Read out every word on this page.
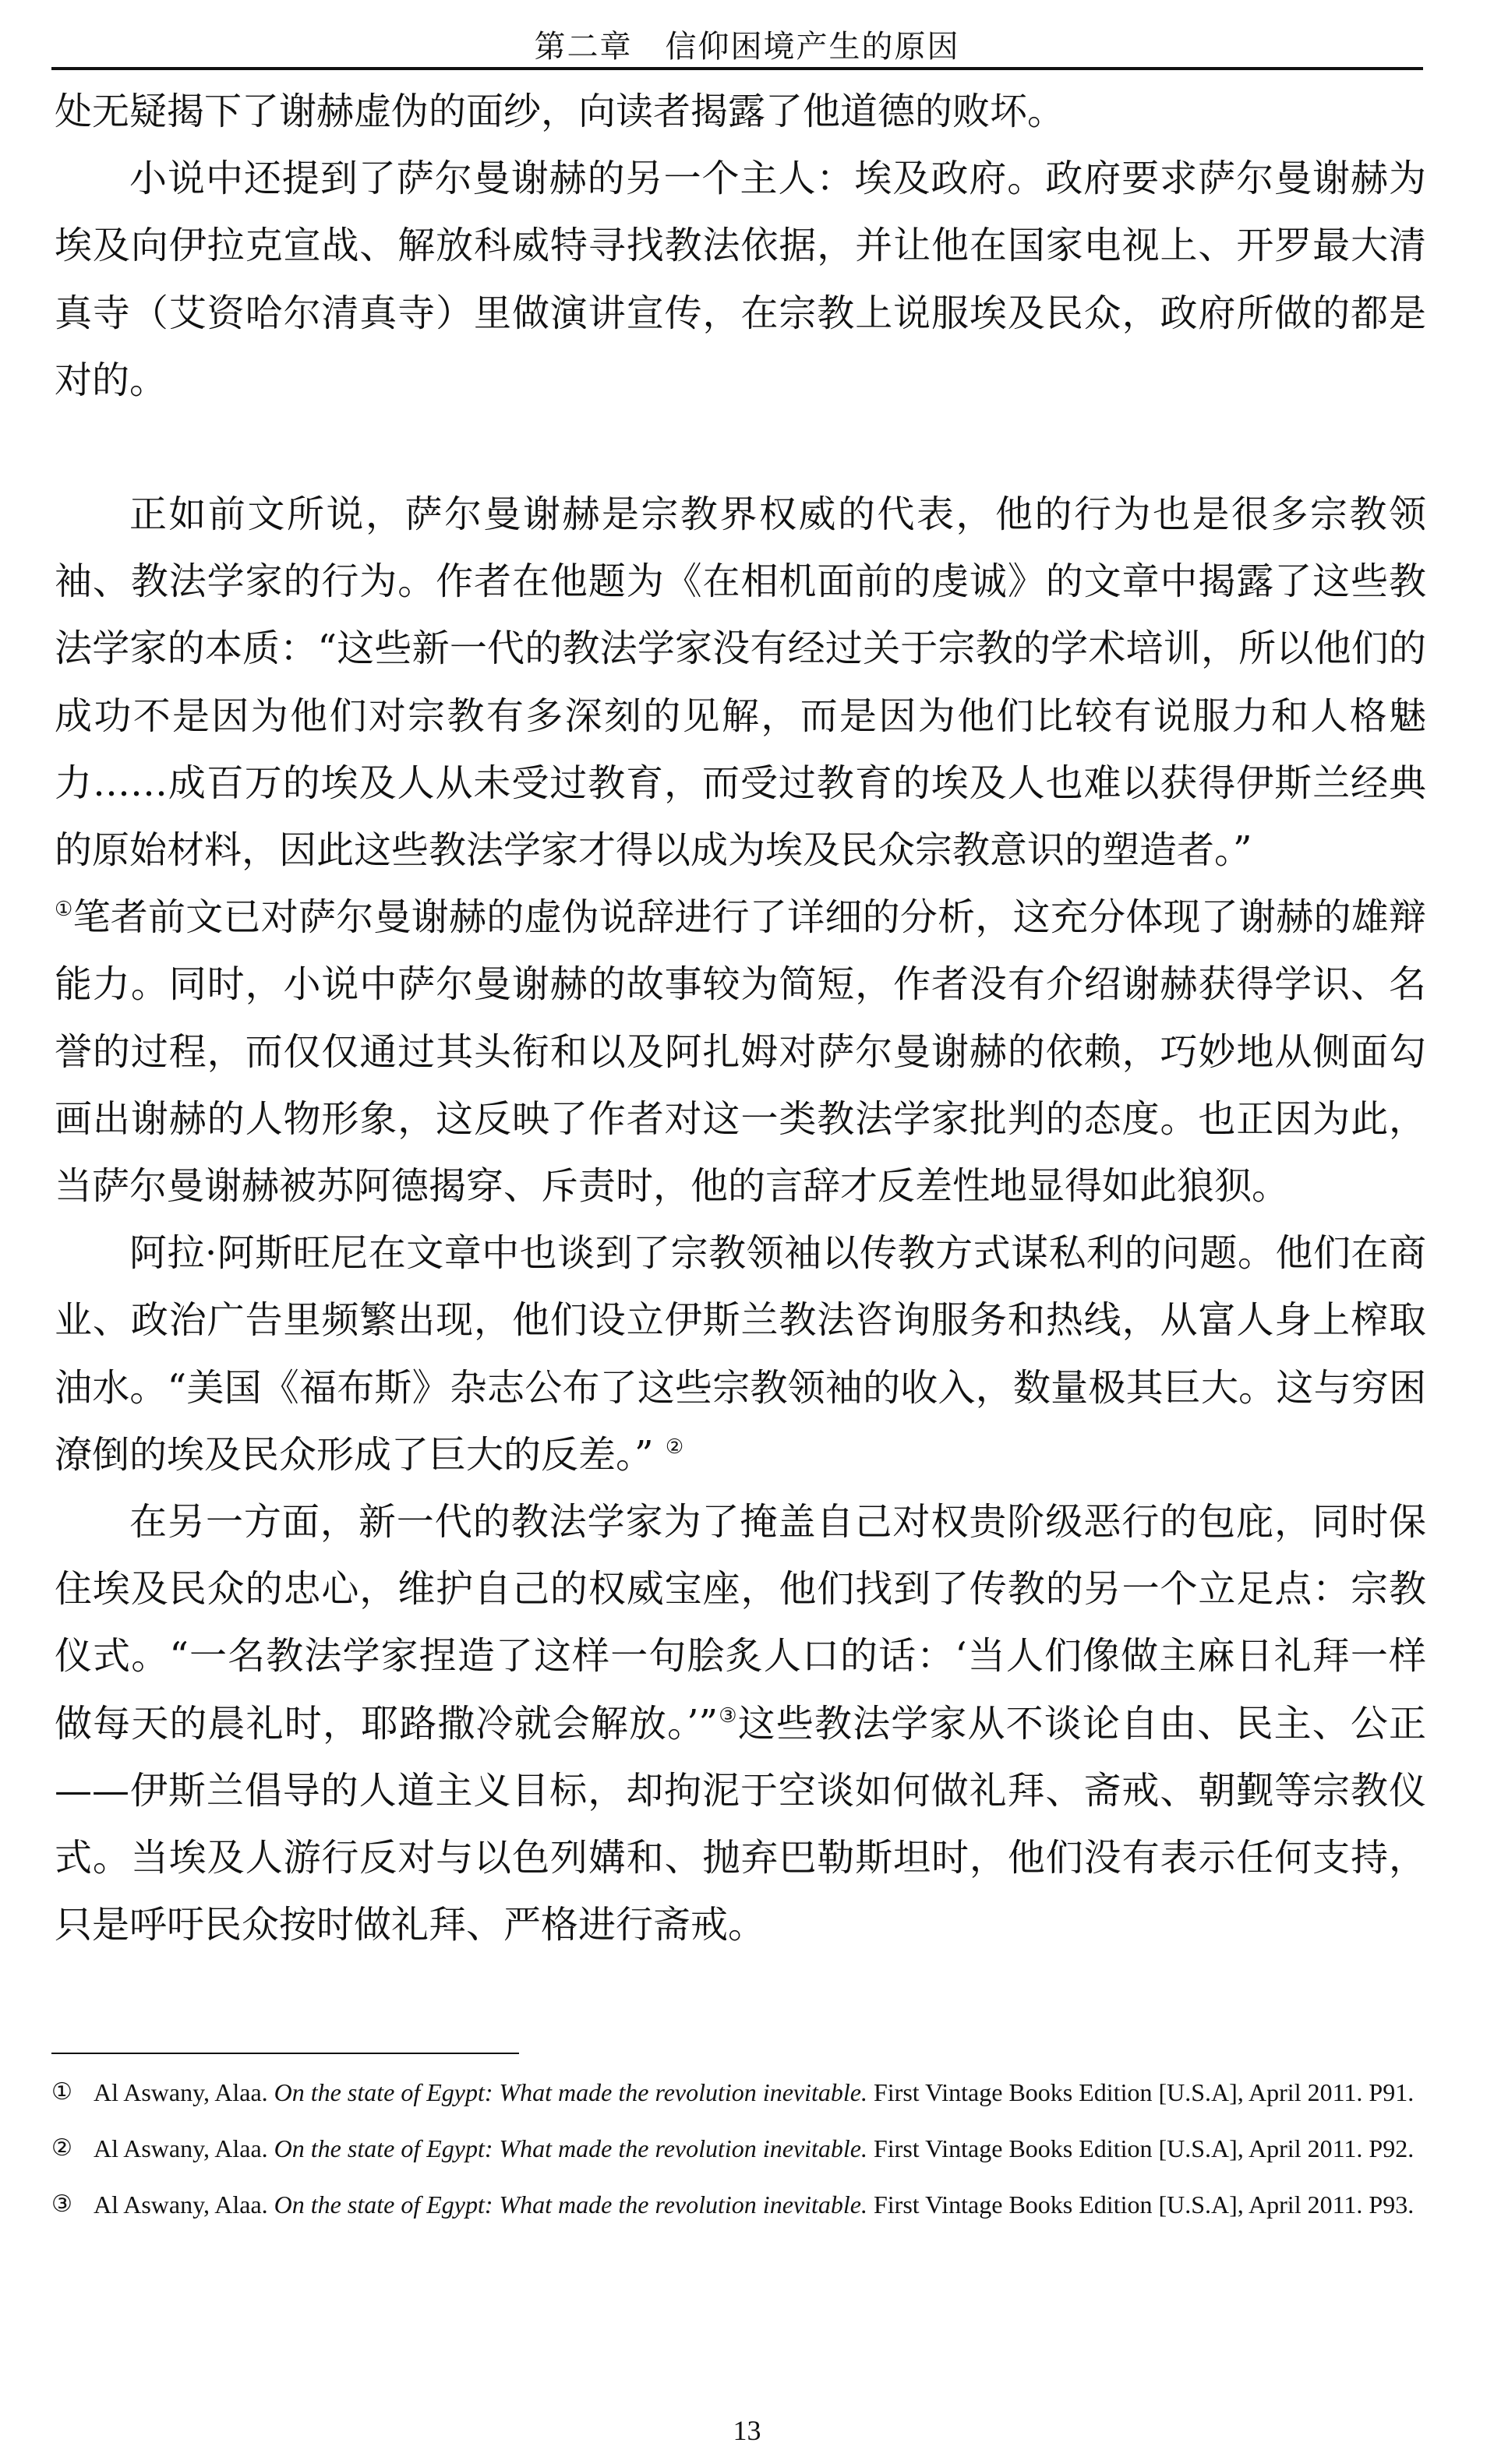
第二章　信仰困境产生的原因

处无疑揭下了谢赫虚伪的面纱，向读者揭露了他道德的败坏。

小说中还提到了萨尔曼谢赫的另一个主人：埃及政府。政府要求萨尔曼谢赫为埃及向伊拉克宣战、解放科威特寻找教法依据，并让他在国家电视上、开罗最大清真寺（艾资哈尔清真寺）里做演讲宣传，在宗教上说服埃及民众，政府所做的都是对的。

正如前文所说，萨尔曼谢赫是宗教界权威的代表，他的行为也是很多宗教领袖、教法学家的行为。作者在他题为《在相机面前的虔诚》的文章中揭露了这些教法学家的本质：“这些新一代的教法学家没有经过关于宗教的学术培训，所以他们的成功不是因为他们对宗教有多深刻的见解，而是因为他们比较有说服力和人格魅力……成百万的埃及人从未受过教育，而受过教育的埃及人也难以获得伊斯兰经典的原始材料，因此这些教法学家才得以成为埃及民众宗教意识的塑造者。”
①笔者前文已对萨尔曼谢赫的虚伪说辞进行了详细的分析，这充分体现了谢赫的雄辩能力。同时，小说中萨尔曼谢赫的故事较为简短，作者没有介绍谢赫获得学识、名誉的过程，而仅仅通过其头衔和以及阿扎姆对萨尔曼谢赫的依赖，巧妙地从侧面勾画出谢赫的人物形象，这反映了作者对这一类教法学家批判的态度。也正因为此，当萨尔曼谢赫被苏阿德揭穿、斥责时，他的言辞才反差性地显得如此狼狈。

阿拉·阿斯旺尼在文章中也谈到了宗教领袖以传教方式谋私利的问题。他们在商业、政治广告里频繁出现，他们设立伊斯兰教法咨询服务和热线，从富人身上榨取油水。“美国《福布斯》杂志公布了这些宗教领袖的收入，数量极其巨大。这与穷困潦倒的埃及民众形成了巨大的反差。” ②

在另一方面，新一代的教法学家为了掩盖自己对权贵阶级恶行的包庇，同时保住埃及民众的忠心，维护自己的权威宝座，他们找到了传教的另一个立足点：宗教仪式。“一名教法学家捏造了这样一句脍炙人口的话：‘当人们像做主麻日礼拜一样做每天的晨礼时，耶路撒冷就会解放。’”③这些教法学家从不谈论自由、民主、公正——伊斯兰倡导的人道主义目标，却拘泥于空谈如何做礼拜、斋戒、朝觐等宗教仪式。当埃及人游行反对与以色列媾和、抛弃巴勒斯坦时，他们没有表示任何支持，只是呼吁民众按时做礼拜、严格进行斋戒。

① Al Aswany, Alaa. On the state of Egypt: What made the revolution inevitable. First Vintage Books Edition [U.S.A], April 2011. P91.
② Al Aswany, Alaa. On the state of Egypt: What made the revolution inevitable. First Vintage Books Edition [U.S.A], April 2011. P92.
③ Al Aswany, Alaa. On the state of Egypt: What made the revolution inevitable. First Vintage Books Edition [U.S.A], April 2011. P93.
13
